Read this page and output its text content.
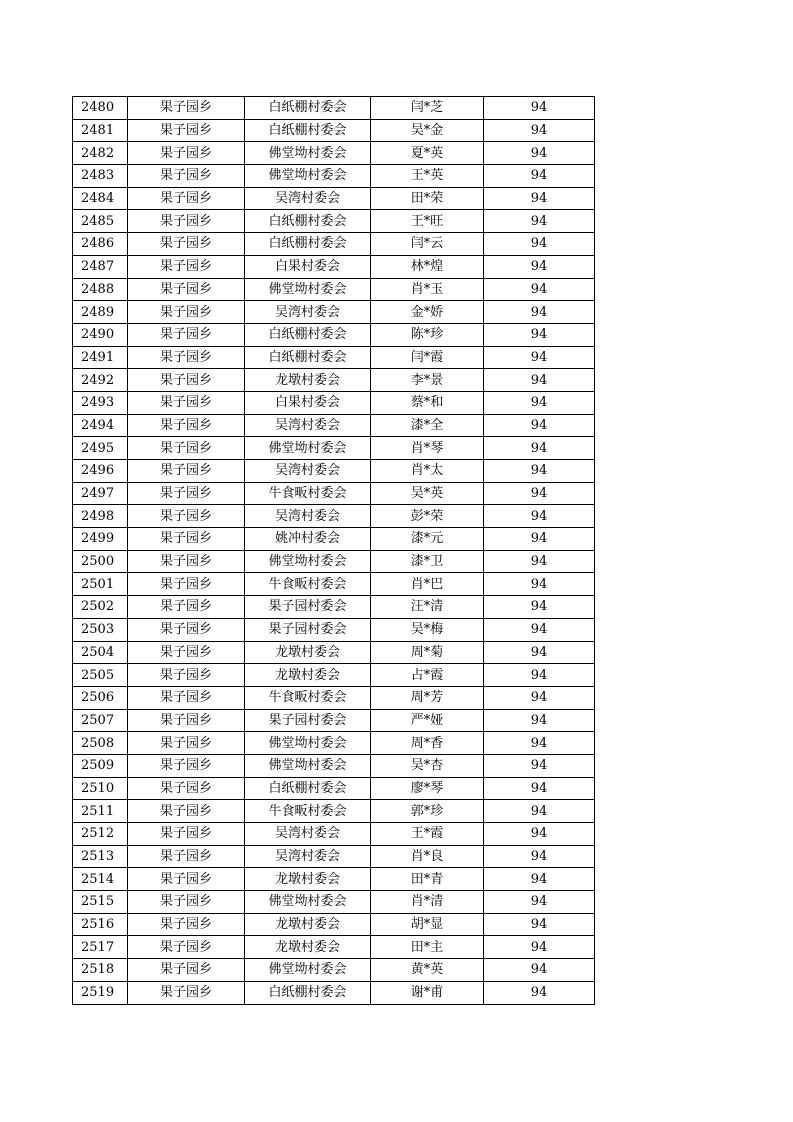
2480	果子园乡	白纸棚村委会	闫*芝	94
2481	果子园乡	白纸棚村委会	吴*金	94
2482	果子园乡	佛堂坳村委会	夏*英	94
2483	果子园乡	佛堂坳村委会	王*英	94
2484	果子园乡	吴湾村委会	田*荣	94
2485	果子园乡	白纸棚村委会	王*旺	94
2486	果子园乡	白纸棚村委会	闫*云	94
2487	果子园乡	白果村委会	林*煌	94
2488	果子园乡	佛堂坳村委会	肖*玉	94
2489	果子园乡	吴湾村委会	金*娇	94
2490	果子园乡	白纸棚村委会	陈*珍	94
2491	果子园乡	白纸棚村委会	闫*霞	94
2492	果子园乡	龙墩村委会	李*景	94
2493	果子园乡	白果村委会	蔡*和	94
2494	果子园乡	吴湾村委会	漆*全	94
2495	果子园乡	佛堂坳村委会	肖*琴	94
2496	果子园乡	吴湾村委会	肖*太	94
2497	果子园乡	牛食畈村委会	吴*英	94
2498	果子园乡	吴湾村委会	彭*荣	94
2499	果子园乡	姚冲村委会	漆*元	94
2500	果子园乡	佛堂坳村委会	漆*卫	94
2501	果子园乡	牛食畈村委会	肖*巴	94
2502	果子园乡	果子园村委会	汪*清	94
2503	果子园乡	果子园村委会	吴*梅	94
2504	果子园乡	龙墩村委会	周*菊	94
2505	果子园乡	龙墩村委会	占*霞	94
2506	果子园乡	牛食畈村委会	周*芳	94
2507	果子园乡	果子园村委会	严*娅	94
2508	果子园乡	佛堂坳村委会	周*香	94
2509	果子园乡	佛堂坳村委会	吴*杏	94
2510	果子园乡	白纸棚村委会	廖*琴	94
2511	果子园乡	牛食畈村委会	郭*珍	94
2512	果子园乡	吴湾村委会	王*霞	94
2513	果子园乡	吴湾村委会	肖*良	94
2514	果子园乡	龙墩村委会	田*青	94
2515	果子园乡	佛堂坳村委会	肖*清	94
2516	果子园乡	龙墩村委会	胡*显	94
2517	果子园乡	龙墩村委会	田*主	94
2518	果子园乡	佛堂坳村委会	黄*英	94
2519	果子园乡	白纸棚村委会	谢*甫	94
